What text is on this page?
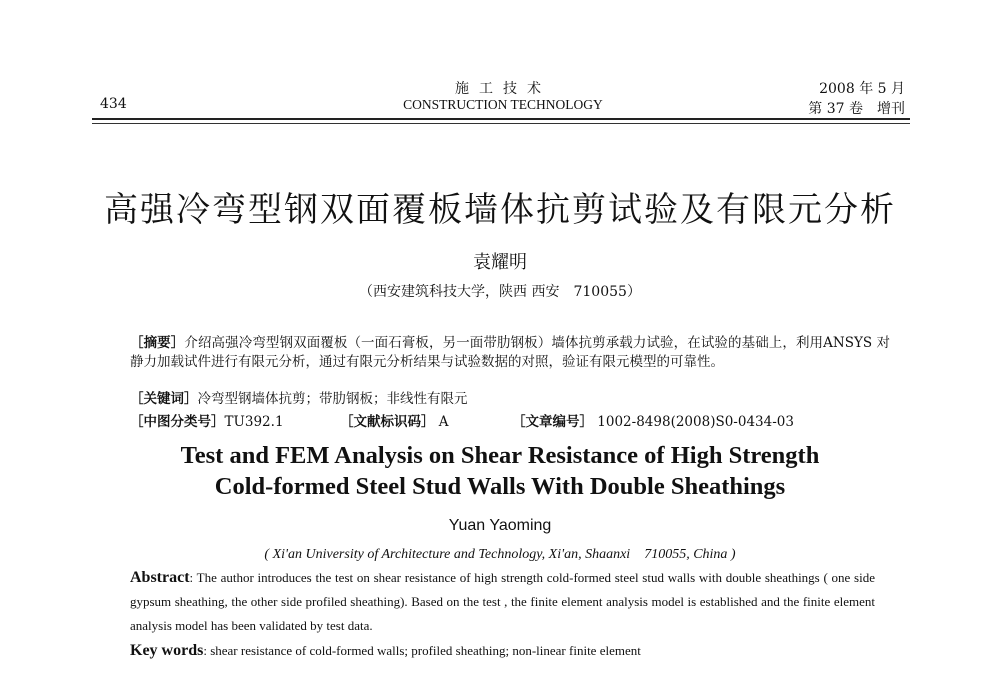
434
施工技术
CONSTRUCTION TECHNOLOGY
2008 年 5 月
第 37 卷　增刊
高强冷弯型钢双面覆板墙体抗剪试验及有限元分析
袁耀明
（西安建筑科技大学，陕西 西安　710055）
［摘要］介绍高强冷弯型钢双面覆板（一面石膏板，另一面带肋钢板）墙体抗剪承载力试验，在试验的基础上，利用ANSYS 对静力加载试件进行有限元分析，通过有限元分析结果与试验数据的对照，验证有限元模型的可靠性。
［关键词］冷弯型钢墙体抗剪；带肋钢板；非线性有限元
［中图分类号］TU392.1	［文献标识码］ A	［文章编号］ 1002-8498(2008)S0-0434-03
Test and FEM Analysis on Shear Resistance of High Strength
Cold-formed Steel Stud Walls With Double Sheathings
Yuan Yaoming
( Xi'an University of Architecture and Technology, Xi'an, Shaanxi　710055, China )
Abstract: The author introduces the test on shear resistance of high strength cold-formed steel stud walls with double sheathings ( one side gypsum sheathing, the other side profiled sheathing). Based on the test , the finite element analysis model is established and the finite element analysis model has been validated by test data.
Key words: shear resistance of cold-formed walls; profiled sheathing; non-linear finite element
